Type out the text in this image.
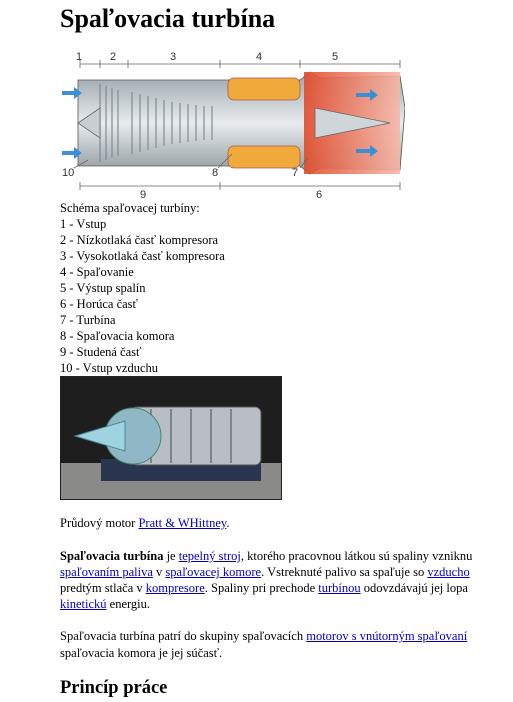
Spaľovacia turbína
1	2	3	4	5
10
9
8	7
6
Schéma spaľovacej turbíny:
1 - Vstup
2 - Nízkotlaká časť kompresora
3 - Vysokotlaká časť kompresora
4 - Spaľovanie
5 - Výstup spalín
6 - Horúca časť
7 - Turbína
8 - Spaľovacia komora
9 - Studená časť
10 - Vstup vzduchu
Průdový motor Pratt & WHittney.
Spaľovacia turbína je tepelný stroj, ktorého pracovnou látkou sú spaliny vzniknu
spaľovaním paliva v spaľovacej komore. Vstreknuté palivo sa spaľuje so vzducho
predtým stlača v kompresore. Spaliny pri prechode turbínou odovzdávajú jej lopa
kinetickú energiu.
Spaľovacia turbína patrí do skupiny spaľovacích motorov s vnútorným spaľovaní
spaľovacia komora je jej súčasť.
Princíp práce
